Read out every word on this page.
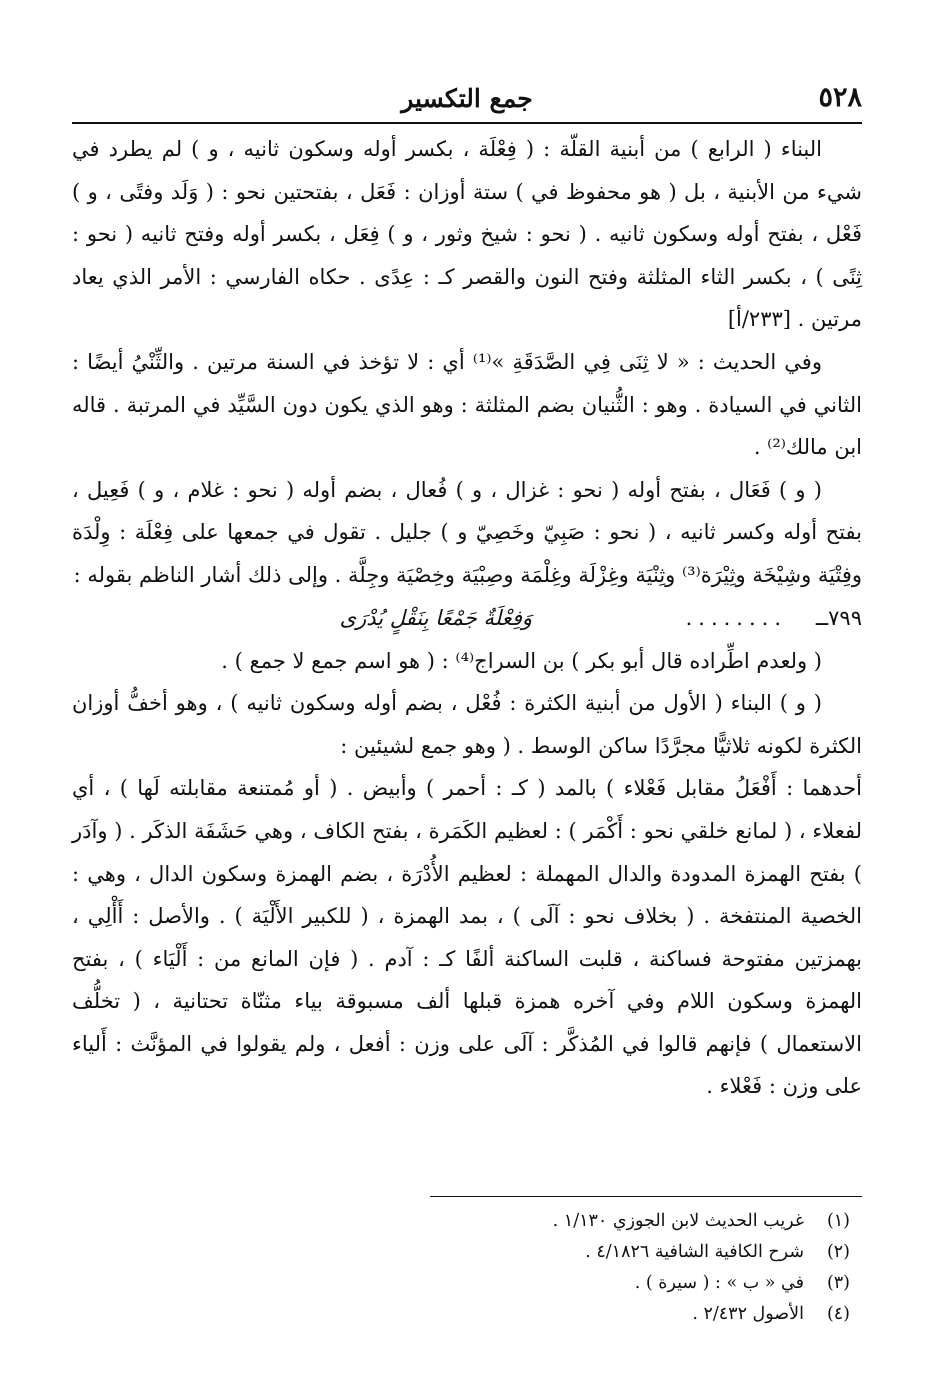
٥٢٨
جمع التكسير

البناء ( الرابع ) من أبنية القلّة : ( فِعْلَة ، بكسر أوله وسكون ثانيه ، و ) لم يطرد في شيء من الأبنية ، بل ( هو محفوظ في ) ستة أوزان : فَعَل ، بفتحتين نحو : ( وَلَد وفتًى ، و ) فَعْل ، بفتح أوله وسكون ثانيه . ( نحو : شيخ وثور ، و ) فِعَل ، بكسر أوله وفتح ثانيه ( نحو : ثِنًى ) ، بكسر الثاء المثلثة وفتح النون والقصر كـ : عِدًى . حكاه الفارسي : الأمر الذي يعاد مرتين . [٢٣٣/أ]

وفي الحديث : « لا ثِنَى فِي الصَّدَقَةِ »⁽¹⁾ أي : لا تؤخذ في السنة مرتين . والثِّنْيُ أيضًا : الثاني في السيادة . وهو : الثُّنيان بضم المثلثة : وهو الذي يكون دون السَّيِّد في المرتبة . قاله ابن مالك⁽²⁾ .

( و ) فَعَال ، بفتح أوله ( نحو : غزال ، و ) فُعال ، بضم أوله ( نحو : غلام ، و ) فَعِيل ، بفتح أوله وكسر ثانيه ، ( نحو : صَبِيّ وخَصِيّ و ) جليل . تقول في جمعها على فِعْلَة : وِلْدَة وفِتْيَة وشِيْخَة وثِيْرَة⁽³⁾ وثِنْيَة وغِزْلَة وغِلْمَة وصِبْيَة وخِصْيَة وجِلَّة . وإلى ذلك أشار الناظم بقوله :

٧٩٩ــ
........
وَفِعْلَةٌ جَمْعًا بِنَقْلٍ يُدْرَى

( ولعدم اطِّراده قال أبو بكر ) بن السراج⁽⁴⁾ : ( هو اسم جمع لا جمع ) .

( و ) البناء ( الأول من أبنية الكثرة : فُعْل ، بضم أوله وسكون ثانيه ) ، وهو أخفُّ أوزان الكثرة لكونه ثلاثيًّا مجرَّدًا ساكن الوسط . ( وهو جمع لشيئين :

أحدهما : أَفْعَلُ مقابل فَعْلاء ) بالمد ( كـ : أحمر ) وأبيض . ( أو مُمتنعة مقابلته لَها ) ، أي لفعلاء ، ( لمانع خلقي نحو : أَكْمَر ) : لعظيم الكَمَرة ، بفتح الكاف ، وهي حَشَفَة الذكَر . ( وآدَر ) بفتح الهمزة المدودة والدال المهملة : لعظيم الأُدْرَة ، بضم الهمزة وسكون الدال ، وهي : الخصية المنتفخة . ( بخلاف نحو : آلَى ) ، بمد الهمزة ، ( للكبير الأَلْيَة ) . والأصل : أَأْلِي ، بهمزتين مفتوحة فساكنة ، قلبت الساكنة ألفًا كـ : آدم . ( فإن المانع من : أَلْيَاء ) ، بفتح الهمزة وسكون اللام وفي آخره همزة قبلها ألف مسبوقة بياء مثنّاة تحتانية ، ( تخلُّف الاستعمال ) فإنهم قالوا في المُذكَّر : آلَى على وزن : أفعل ، ولم يقولوا في المؤنَّث : أَلياء على وزن : فَعْلاء .

(١)
غريب الحديث لابن الجوزي ١/١٣٠ .
(٢)
شرح الكافية الشافية ٤/١٨٢٦ .
(٣)
في « ب » : ( سيرة ) .
(٤)
الأصول ٢/٤٣٢ .
